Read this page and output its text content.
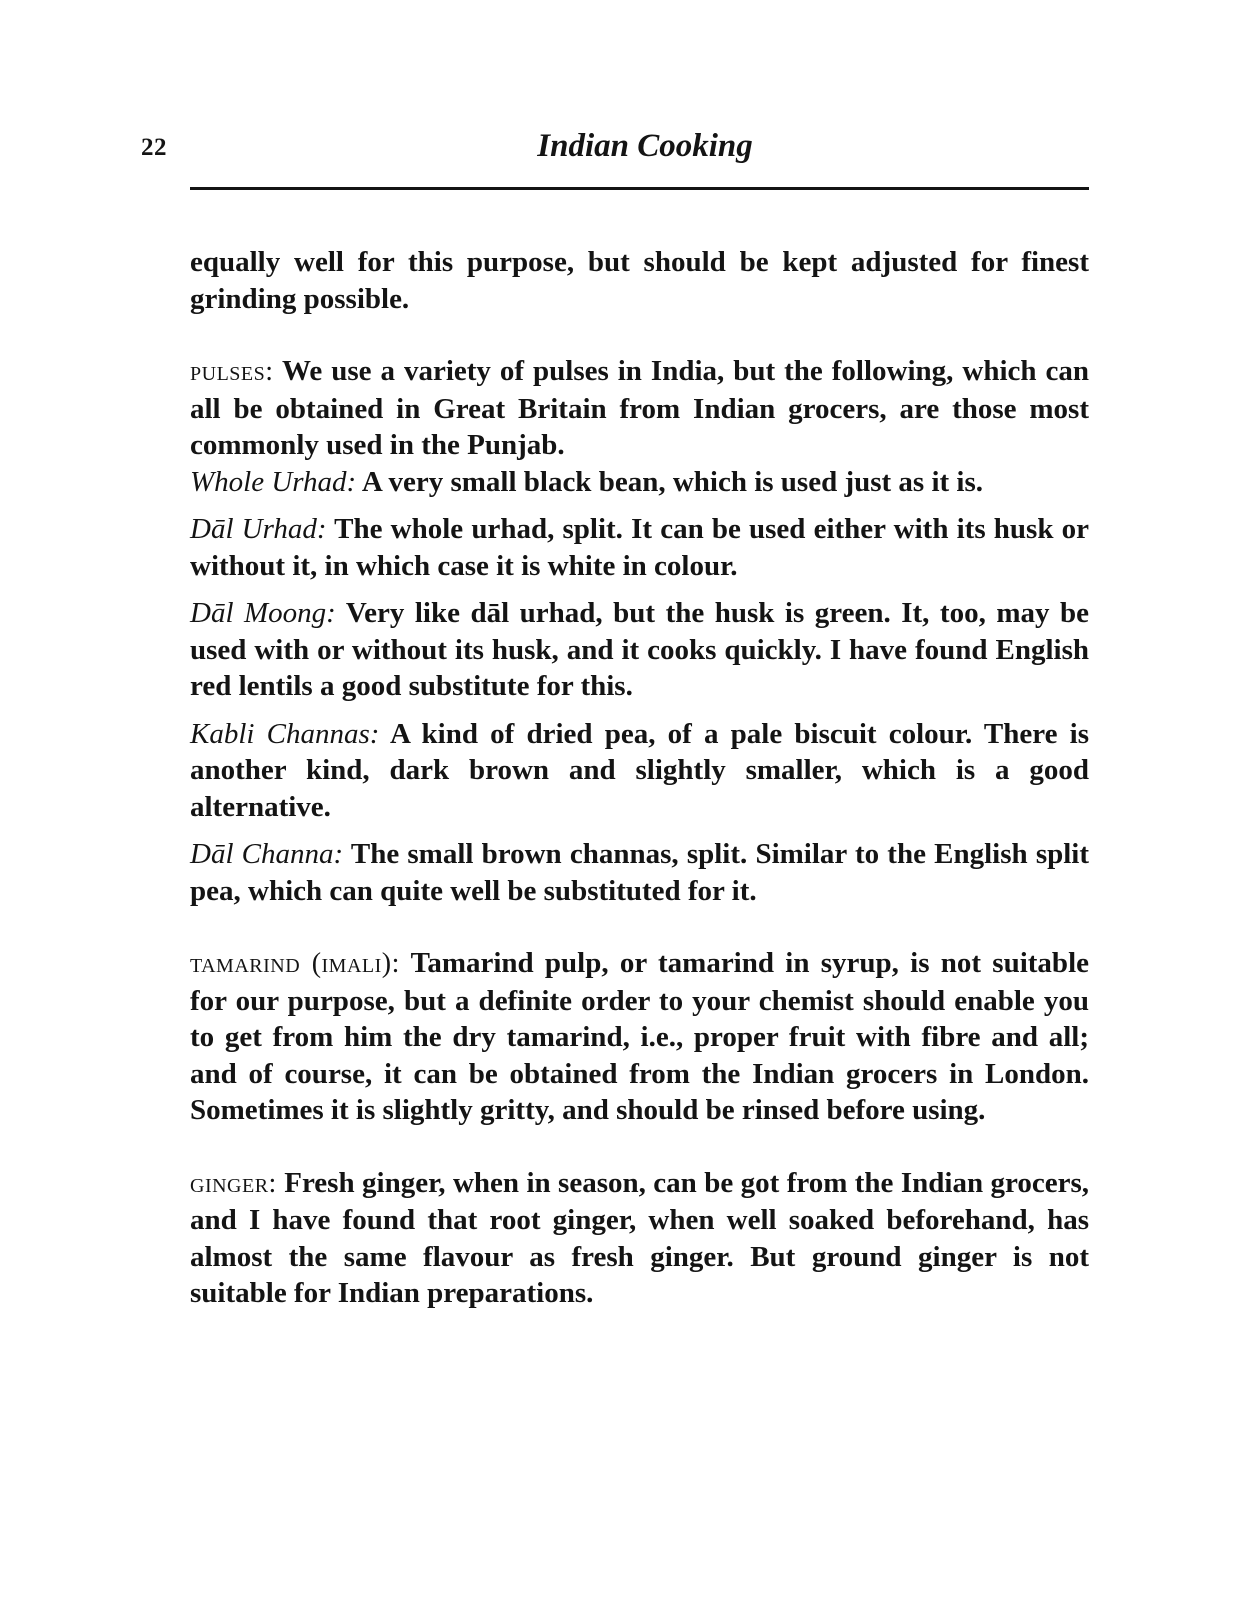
22	Indian Cooking

equally well for this purpose, but should be kept adjusted for finest grinding possible.

pulses: We use a variety of pulses in India, but the following, which can all be obtained in Great Britain from Indian grocers, are those most commonly used in the Punjab.

Whole Urhad: A very small black bean, which is used just as it is.

Dāl Urhad: The whole urhad, split. It can be used either with its husk or without it, in which case it is white in colour.

Dāl Moong: Very like dāl urhad, but the husk is green. It, too, may be used with or without its husk, and it cooks quickly. I have found English red lentils a good substitute for this.

Kabli Channas: A kind of dried pea, of a pale biscuit colour. There is another kind, dark brown and slightly smaller, which is a good alternative.

Dāl Channa: The small brown channas, split. Similar to the English split pea, which can quite well be substituted for it.

tamarind (imali): Tamarind pulp, or tamarind in syrup, is not suitable for our purpose, but a definite order to your chemist should enable you to get from him the dry tamarind, i.e., proper fruit with fibre and all; and of course, it can be obtained from the Indian grocers in London. Sometimes it is slightly gritty, and should be rinsed before using.

ginger: Fresh ginger, when in season, can be got from the Indian grocers, and I have found that root ginger, when well soaked beforehand, has almost the same flavour as fresh ginger. But ground ginger is not suitable for Indian preparations.
